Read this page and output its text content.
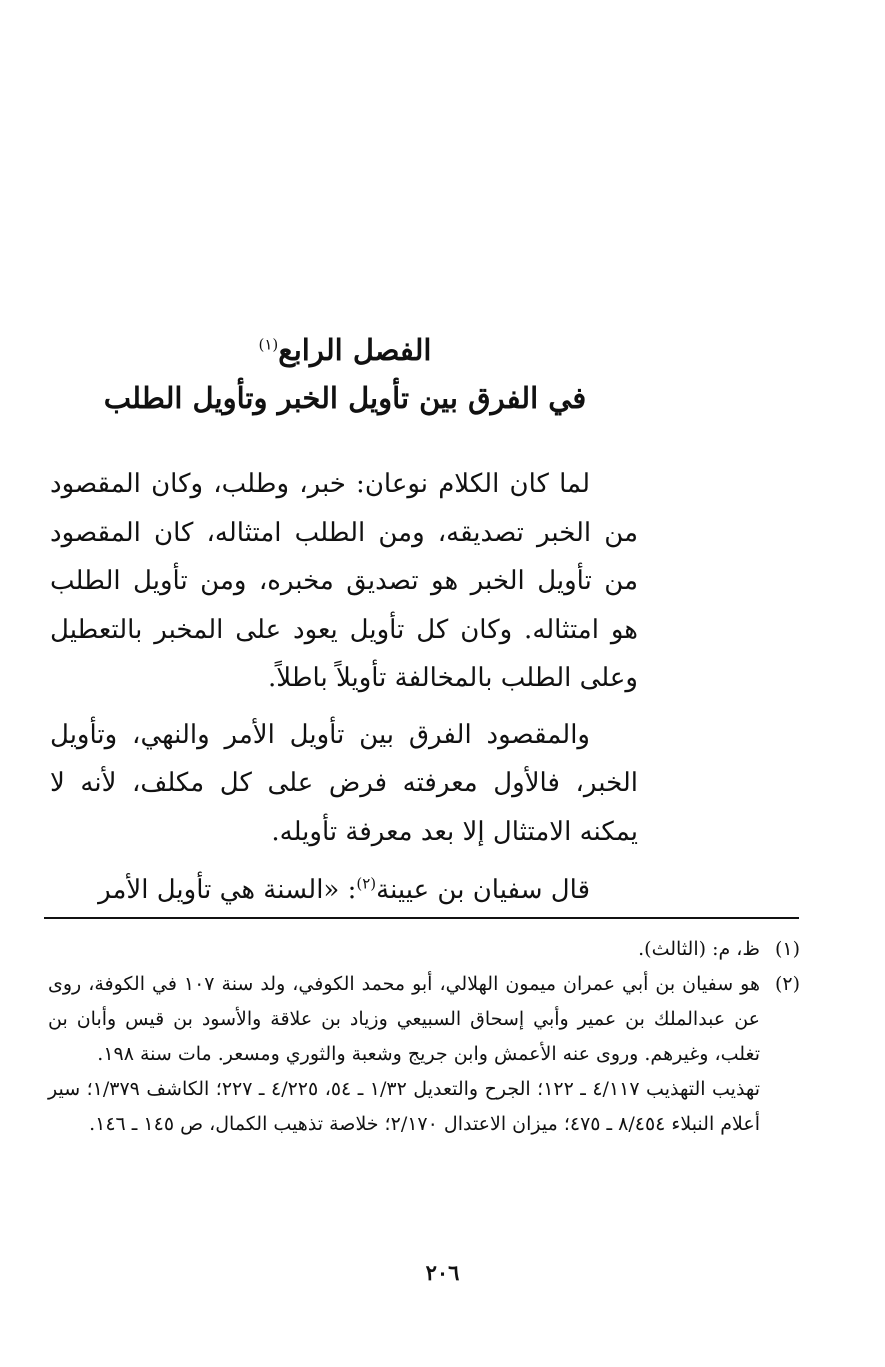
الفصل الرابع$^{(١)}$
في الفرق بين تأويل الخبر وتأويل الطلب

لما كان الكلام نوعان: خبر، وطلب، وكان المقصود من الخبر تصديقه، ومن الطلب امتثاله، كان المقصود من تأويل الخبر هو تصديق مخبره، ومن تأويل الطلب هو امتثاله. وكان كل تأويل يعود على المخبر بالتعطيل وعلى الطلب بالمخالفة تأويلاً باطلاً.

والمقصود الفرق بين تأويل الأمر والنهي، وتأويل الخبر، فالأول معرفته فرض على كل مكلف، لأنه لا يمكنه الامتثال إلا بعد معرفة تأويله.

قال سفيان بن عيينة$^{(٢)}$: «السنة هي تأويل الأمر

(١)
ظ، م: (الثالث).
(٢)
هو سفيان بن أبي عمران ميمون الهلالي، أبو محمد الكوفي، ولد سنة ١٠٧ في الكوفة، روى عن عبدالملك بن عمير وأبي إسحاق السبيعي وزياد بن علاقة والأسود بن قيس وأبان بن تغلب، وغيرهم. وروى عنه الأعمش وابن جريج وشعبة والثوري ومسعر. مات سنة ١٩٨.
تهذيب التهذيب ٤/١١٧ ـ ١٢٢؛ الجرح والتعديل ١/٣٢ ـ ٥٤، ٤/٢٢٥ ـ ٢٢٧؛ الكاشف ١/٣٧٩؛ سير أعلام النبلاء ٨/٤٥٤ ـ ٤٧٥؛ ميزان الاعتدال ٢/١٧٠؛ خلاصة تذهيب الكمال، ص ١٤٥ ـ ١٤٦.
٢٠٦
